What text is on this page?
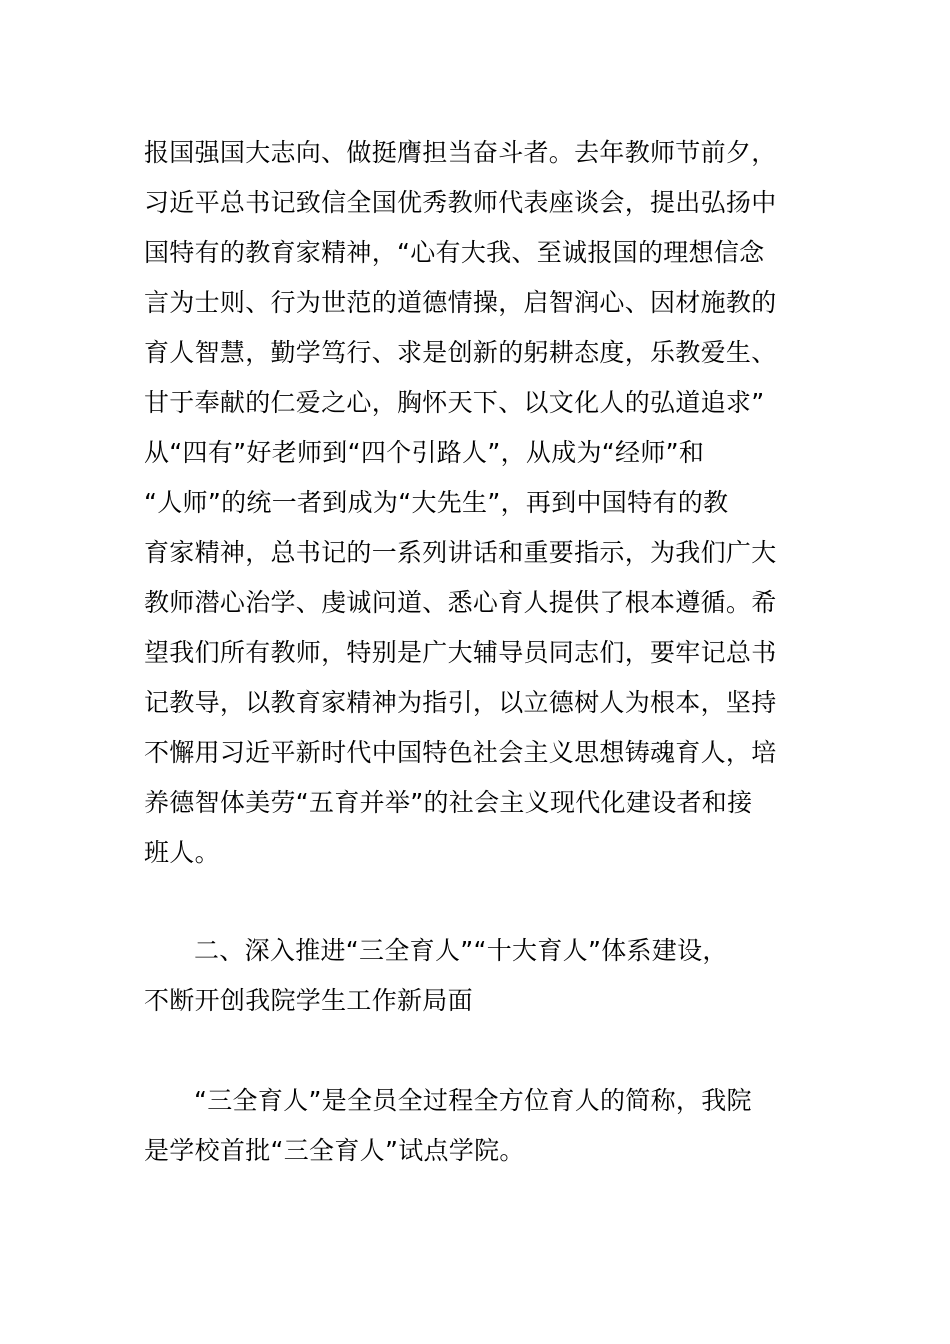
报国强国大志向、做挺膺担当奋斗者。去年教师节前夕，
习近平总书记致信全国优秀教师代表座谈会，提出弘扬中
国特有的教育家精神，“心有大我、至诚报国的理想信念
言为士则、行为世范的道德情操，启智润心、因材施教的
育人智慧，勤学笃行、求是创新的躬耕态度，乐教爱生、
甘于奉献的仁爱之心，胸怀天下、以文化人的弘道追求”
从“四有”好老师到“四个引路人”，从成为“经师”和
“人师”的统一者到成为“大先生”，再到中国特有的教
育家精神，总书记的一系列讲话和重要指示，为我们广大
教师潜心治学、虔诚问道、悉心育人提供了根本遵循。希
望我们所有教师，特别是广大辅导员同志们，要牢记总书
记教导，以教育家精神为指引，以立德树人为根本，坚持
不懈用习近平新时代中国特色社会主义思想铸魂育人，培
养德智体美劳“五育并举”的社会主义现代化建设者和接
班人。
二、深入推进“三全育人”“十大育人”体系建设，
不断开创我院学生工作新局面
“三全育人”是全员全过程全方位育人的简称，我院
是学校首批“三全育人”试点学院。
